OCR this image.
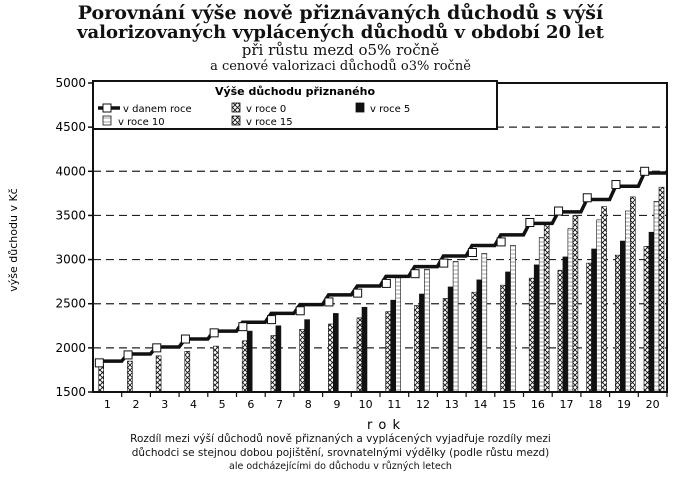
Porovnání výše nově přiznávaných důchodů s výší
valorizovaných vyplácených důchodů v období 20 let
při růstu mezd o5% ročně
a cenové valorizaci důchodů o3% ročně
1500
2000
2500
3000
3500
4000
4500
5000
1 2 3 4 5 6 7 8 9 10 11 12 13 14 15 16 17 18 19 20
výše důchodu v Kč
r o k
Výše důchodu přiznaného
v danem roce	v roce 0	v roce 5
v roce 10	v roce 15
Rozdíl mezi výší důchodů nově přiznaných a vyplácených vyjadřuje rozdíly mezi
důchodci se stejnou dobou pojištění, srovnatelnými výdělky (podle růstu mezd)
ale odcházejícími do důchodu v různých letech
